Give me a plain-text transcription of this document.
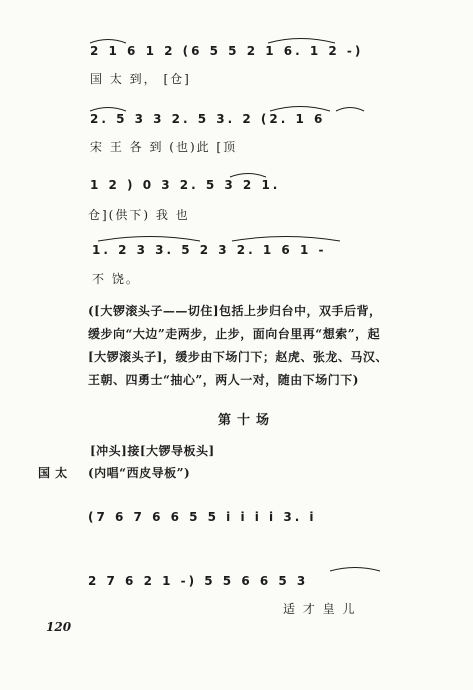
2 1 6 1 2 (6 5 5 2 1 6. 1 2 -)
国 太 到， [仓]
2. 5 3 3 2. 5 3. 2 (2. 1 6
宋 王 各 到 (也)此 [顶
1 2 ) 0 3 2. 5 3 2 1.
仓](供下) 我 也
1. 2 3 3. 5 2 3 2. 1 6 1 -
不 饶。
([大锣滚头子——切住]包括上步归台中，双手后背，
缓步向“大边”走两步，止步，面向台里再“想索”，起
[大锣滚头子]，缓步由下场门下；赵虎、张龙、马汉、
王朝、四勇士“抽心”，两人一对，随由下场门下)
第十场
[冲头]接[大锣导板头]
国 太 (内唱“西皮导板”)
(7 6 7 6 6 5 5 i i i i 3. i
2 7 6 2 1 -) 5 5 6 6 5 3
适 才 皇 儿
120
